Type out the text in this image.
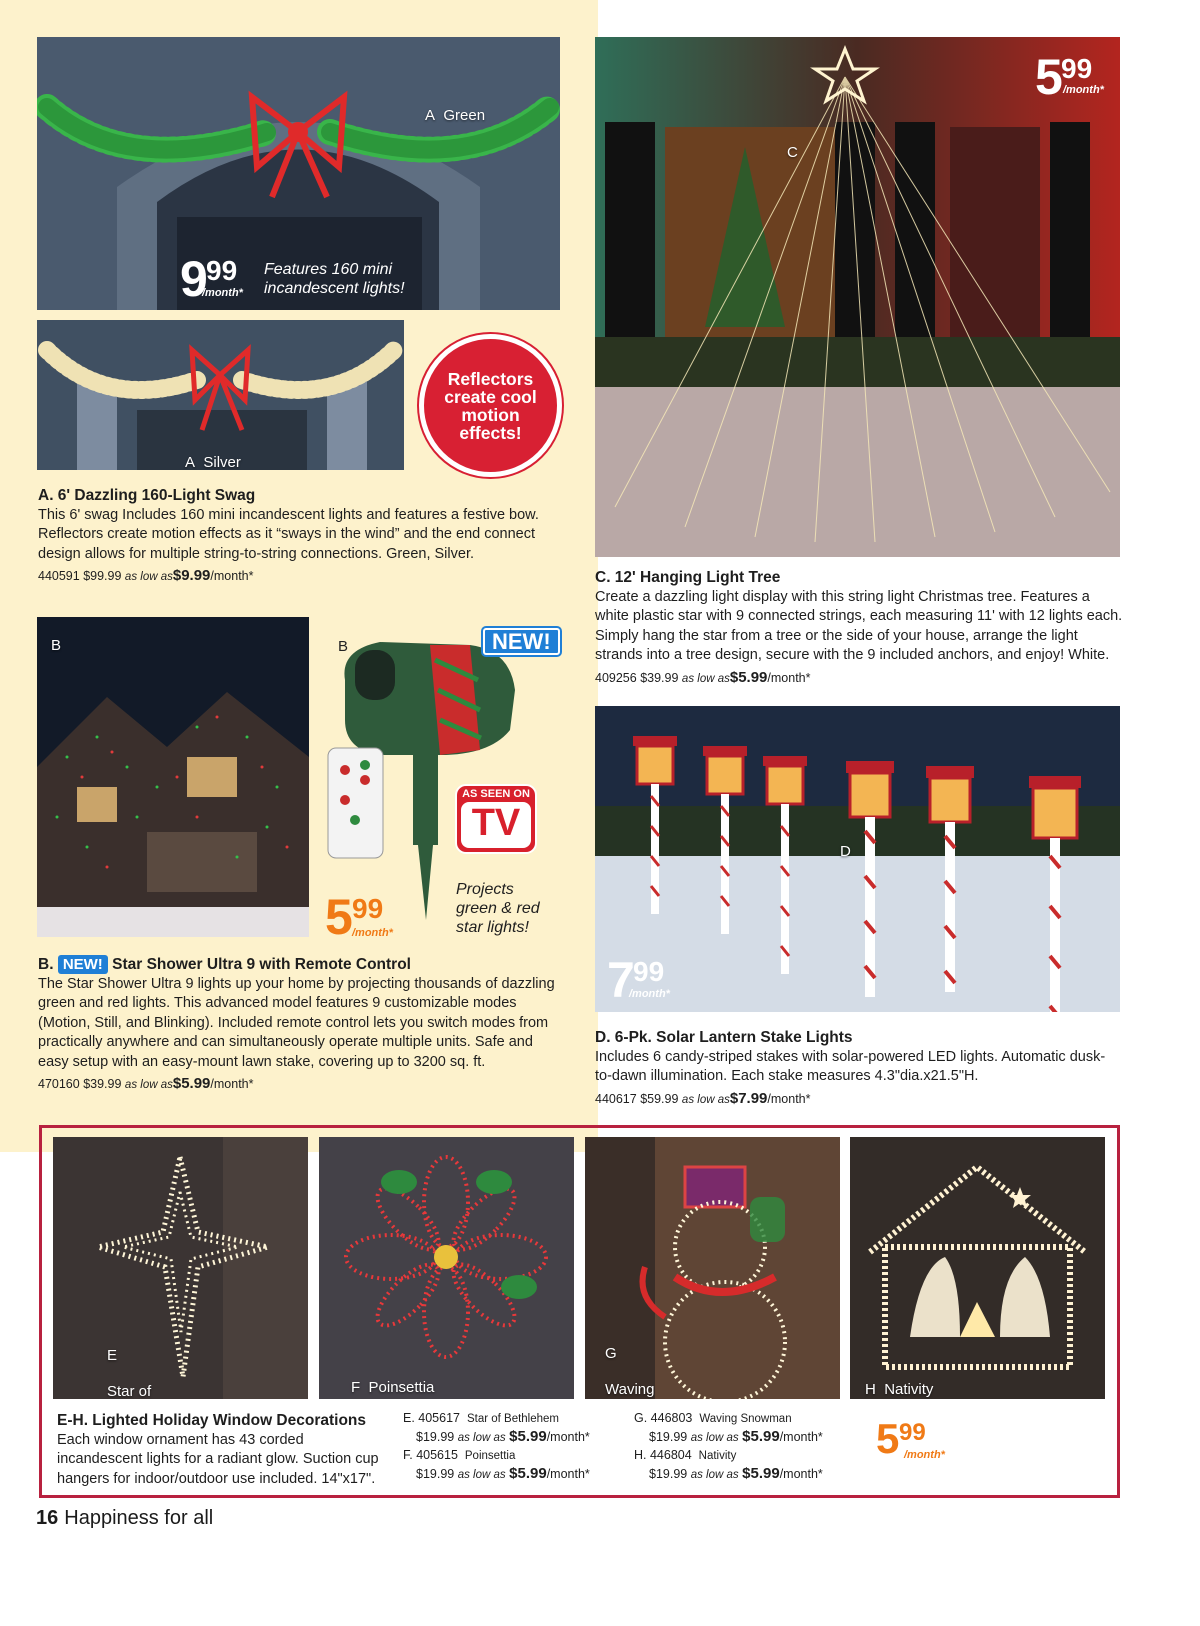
A Green

9 99
/month*
Features 160 mini
incandescent lights!

A Silver

Reflectors create cool motion effects!
A. 6' Dazzling 160-Light Swag
This 6' swag Includes 160 mini incandescent lights and features a festive bow. Reflectors create motion effects as it “sways in the wind” and the end connect design allows for multiple string-to-string connections. Green, Silver.
440591 $99.99 as low as$9.99/month*
B	B	NEW!
AS SEEN ON
TV
5 99
/month*
Projects
green & red
star lights!
B. NEW! Star Shower Ultra 9 with Remote Control
The Star Shower Ultra 9 lights up your home by projecting thousands of dazzling green and red lights. This advanced model features 9 customizable modes (Motion, Still, and Blinking). Included remote control lets you switch modes from practically anywhere and can simultaneously operate multiple units. Safe and easy setup with an easy-mount lawn stake, covering up to 3200 sq. ft.
470160 $39.99 as low as$5.99/month*
C
5 99
/month*
C. 12' Hanging Light Tree
Create a dazzling light display with this string light Christmas tree. Features a white plastic star with 9 connected strings, each measuring 11' with 12 lights each. Simply hang the star from a tree or the side of your house, arrange the light strands into a tree design, secure with the 9 included anchors, and enjoy! White.
409256 $39.99 as low as$5.99/month*
D
7 99
/month*
D. 6-Pk. Solar Lantern Stake Lights
Includes 6 candy-striped stakes with solar-powered LED lights. Automatic dusk-to-dawn illumination. Each stake measures 4.3"dia.x21.5"H.
440617 $59.99 as low as$7.99/month*

E

Star of	F Poinsettia

G

Waving	H Nativity

E-H. Lighted Holiday Window Decorations
Each window ornament has 43 corded incandescent lights for a radiant glow. Suction cup hangers for indoor/outdoor use included. 14"x17".
E. 405617 Star of Bethlehem
$19.99 as low as $5.99/month*
F. 405615 Poinsettia
$19.99 as low as $5.99/month*
G. 446803 Waving Snowman
$19.99 as low as $5.99/month*
H. 446804 Nativity
$19.99 as low as $5.99/month*
5 99
/month*
16 Happiness for all
